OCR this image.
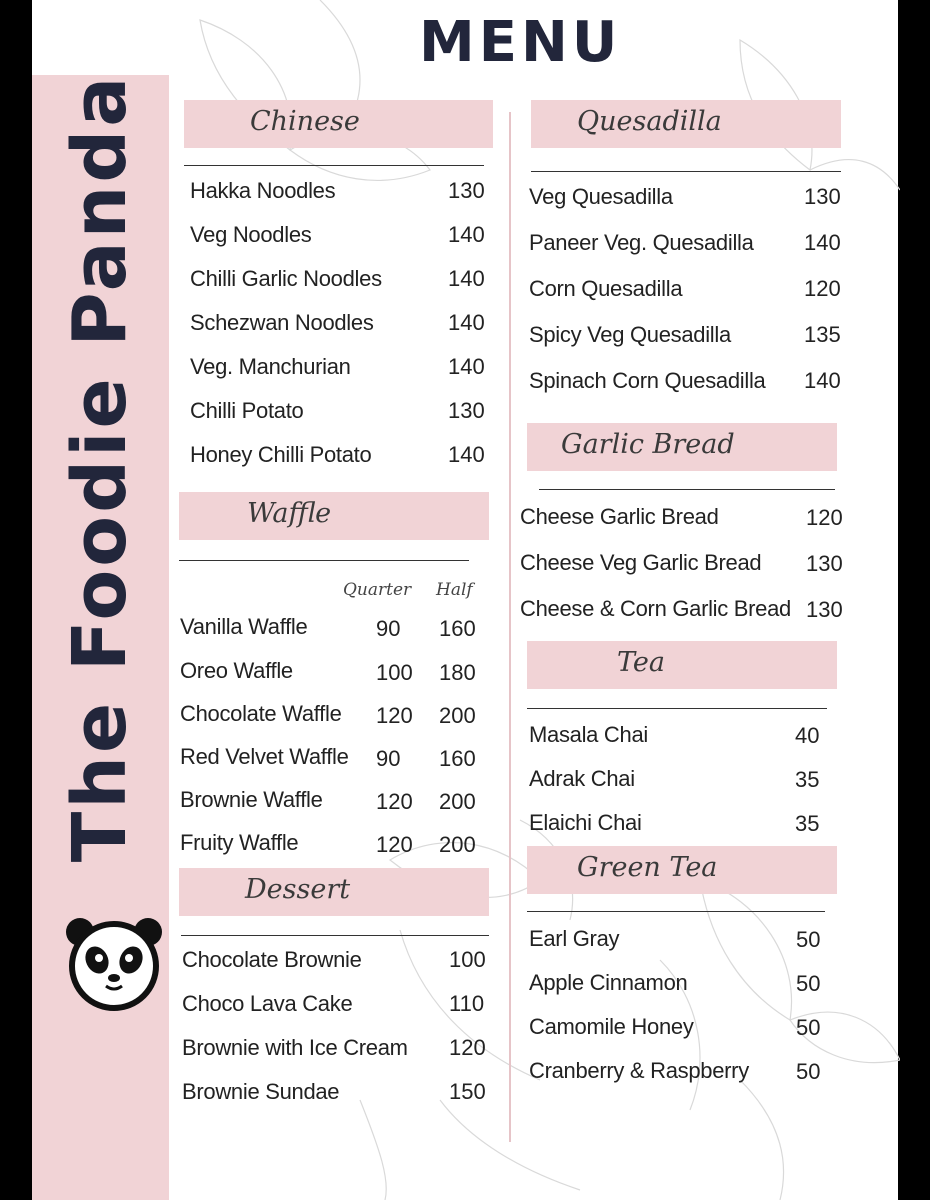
The Foodie Panda
MENU
Chinese
Hakka Noodles	130
Veg Noodles	140
Chilli Garlic Noodles	140
Schezwan Noodles	140
Veg. Manchurian	140
Chilli Potato	130
Honey Chilli Potato	140
Waffle
Quarter Half
Vanilla Waffle	90 160
Oreo Waffle	100 180
Chocolate Waffle 120 200
Red Velvet Waffle 90 160
Brownie Waffle 120 200
Fruity Waffle	120 200
Dessert
Chocolate Brownie	100
Choco Lava Cake	110
Brownie with Ice Cream 120
Brownie Sundae	150
Quesadilla
Veg Quesadilla	130
Paneer Veg. Quesadilla 140
Corn Quesadilla	120
Spicy Veg Quesadilla	135
Spinach Corn Quesadilla 140
Garlic Bread
Cheese Garlic Bread	120
Cheese Veg Garlic Bread 130
Cheese & Corn Garlic Bread 130
Tea
Masala Chai	40
Adrak Chai	35
Elaichi Chai	35
Green Tea
Earl Gray	50
Apple Cinnamon	50
Camomile Honey	50
Cranberry & Raspberry 50
